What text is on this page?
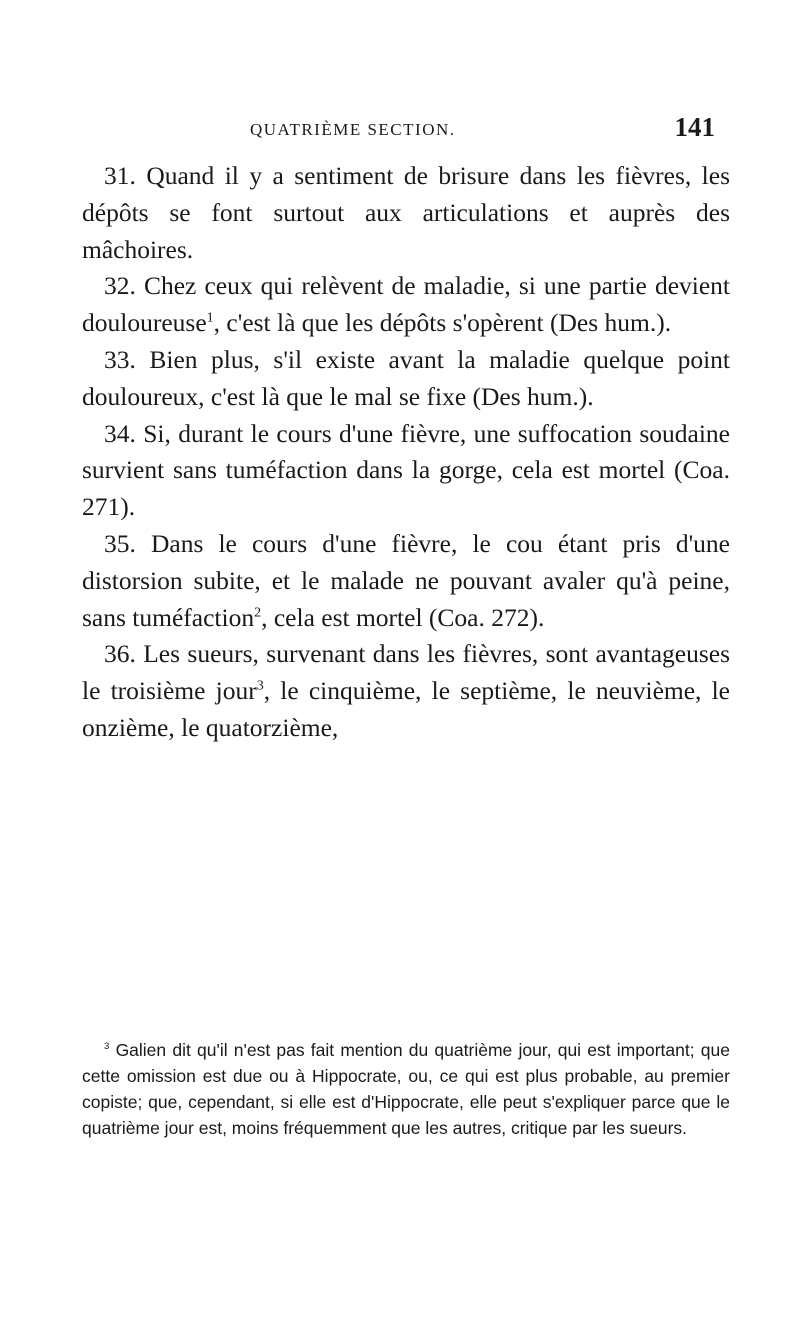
QUATRIÈME SECTION.	141

31. Quand il y a sentiment de brisure dans les fièvres, les dépôts se font surtout aux articulations et auprès des mâchoires.

32. Chez ceux qui relèvent de maladie, si une partie devient douloureuse$^1$, c'est là que les dépôts s'opèrent (Des hum.).

33. Bien plus, s'il existe avant la maladie quelque point douloureux, c'est là que le mal se fixe (Des hum.).

34. Si, durant le cours d'une fièvre, une suffocation soudaine survient sans tuméfaction dans la gorge, cela est mortel (Coa. 271).

35. Dans le cours d'une fièvre, le cou étant pris d'une distorsion subite, et le malade ne pouvant avaler qu'à peine, sans tuméfaction$^2$, cela est mortel (Coa. 272).

36. Les sueurs, survenant dans les fièvres, sont avantageuses le troisième jour$^3$, le cinquième, le septième, le neuvième, le onzième, le quatorzième,

$^3$ Galien dit qu'il n'est pas fait mention du quatrième jour, qui est important; que cette omission est due ou à Hippocrate, ou, ce qui est plus probable, au premier copiste; que, cependant, si elle est d'Hippocrate, elle peut s'expliquer parce que le quatrième jour est, moins fréquemment que les autres, critique par les sueurs.
